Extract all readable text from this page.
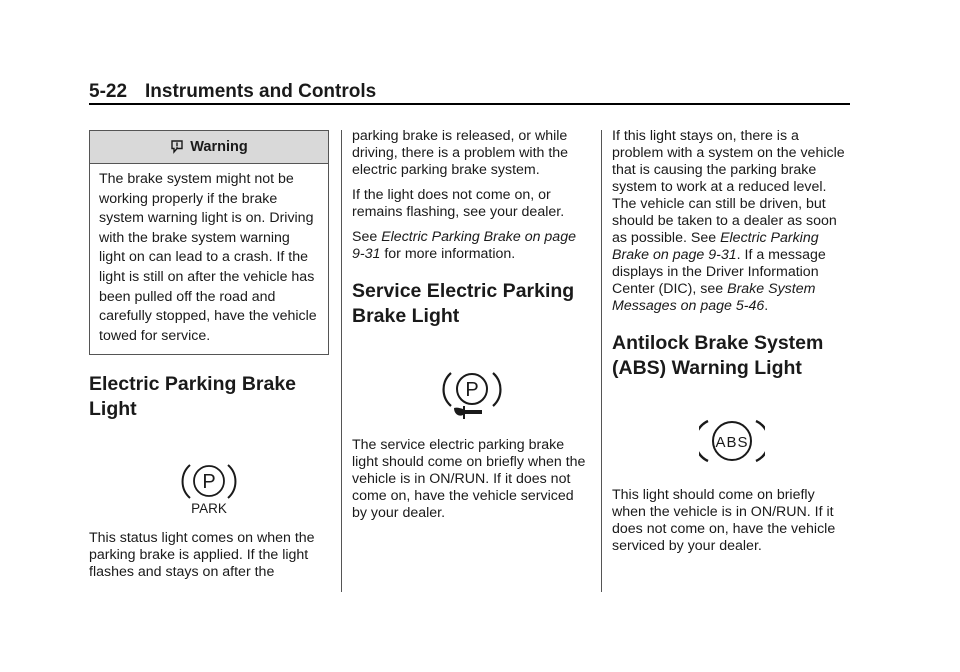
5-22 Instruments and Controls
Warning
The brake system might not be working properly if the brake system warning light is on. Driving with the brake system warning light on can lead to a crash. If the light is still on after the vehicle has been pulled off the road and carefully stopped, have the vehicle towed for service.
Electric Parking Brake Light
P
PARK

This status light comes on when the parking brake is applied. If the light flashes and stays on after the

parking brake is released, or while driving, there is a problem with the electric parking brake system.

If the light does not come on, or remains flashing, see your dealer.

See Electric Parking Brake on page 9-31 for more information.

Service Electric Parking Brake Light
P

The service electric parking brake light should come on briefly when the vehicle is in ON/RUN. If it does not come on, have the vehicle serviced by your dealer.

If this light stays on, there is a problem with a system on the vehicle that is causing the parking brake system to work at a reduced level. The vehicle can still be driven, but should be taken to a dealer as soon as possible. See Electric Parking Brake on page 9-31. If a message displays in the Driver Information Center (DIC), see Brake System Messages on page 5-46.

Antilock Brake System (ABS) Warning Light
ABS

This light should come on briefly when the vehicle is in ON/RUN. If it does not come on, have the vehicle serviced by your dealer.
